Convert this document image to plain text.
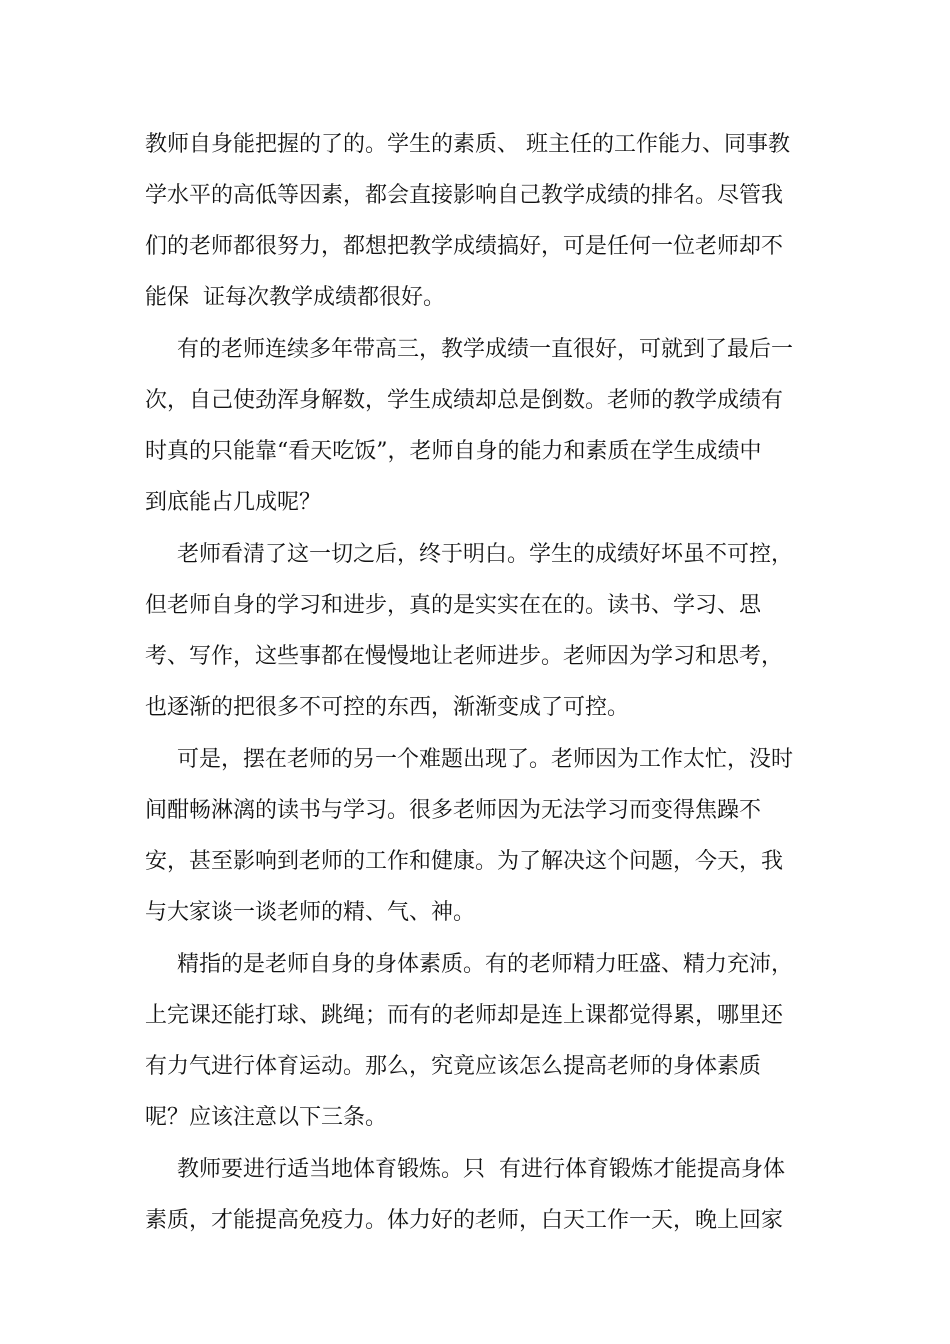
教师自身能把握的了的。学生的素质、 班主任的工作能力、同事教
学水平的高低等因素，都会直接影响自己教学成绩的排名。尽管我
们的老师都很努力，都想把教学成绩搞好，可是任何一位老师却不
能保  证每次教学成绩都很好。
有的老师连续多年带高三，教学成绩一直很好，可就到了最后一
次，自己使劲浑身解数，学生成绩却总是倒数。老师的教学成绩有
时真的只能靠“看天吃饭”，老师自身的能力和素质在学生成绩中
到底能占几成呢？
老师看清了这一切之后，终于明白。学生的成绩好坏虽不可控，
但老师自身的学习和进步，真的是实实在在的。读书、学习、思
考、写作，这些事都在慢慢地让老师进步。老师因为学习和思考，
也逐渐的把很多不可控的东西，渐渐变成了可控。
可是，摆在老师的另一个难题出现了。老师因为工作太忙，没时
间酣畅淋漓的读书与学习。很多老师因为无法学习而变得焦躁不
安，甚至影响到老师的工作和健康。为了解决这个问题，今天，我
与大家谈一谈老师的精、气、神。
精指的是老师自身的身体素质。有的老师精力旺盛、精力充沛，
上完课还能打球、跳绳；而有的老师却是连上课都觉得累，哪里还
有力气进行体育运动。那么，究竟应该怎么提高老师的身体素质
呢？应该注意以下三条。
教师要进行适当地体育锻炼。只  有进行体育锻炼才能提高身体
素质，才能提高免疫力。体力好的老师，白天工作一天，晚上回家
